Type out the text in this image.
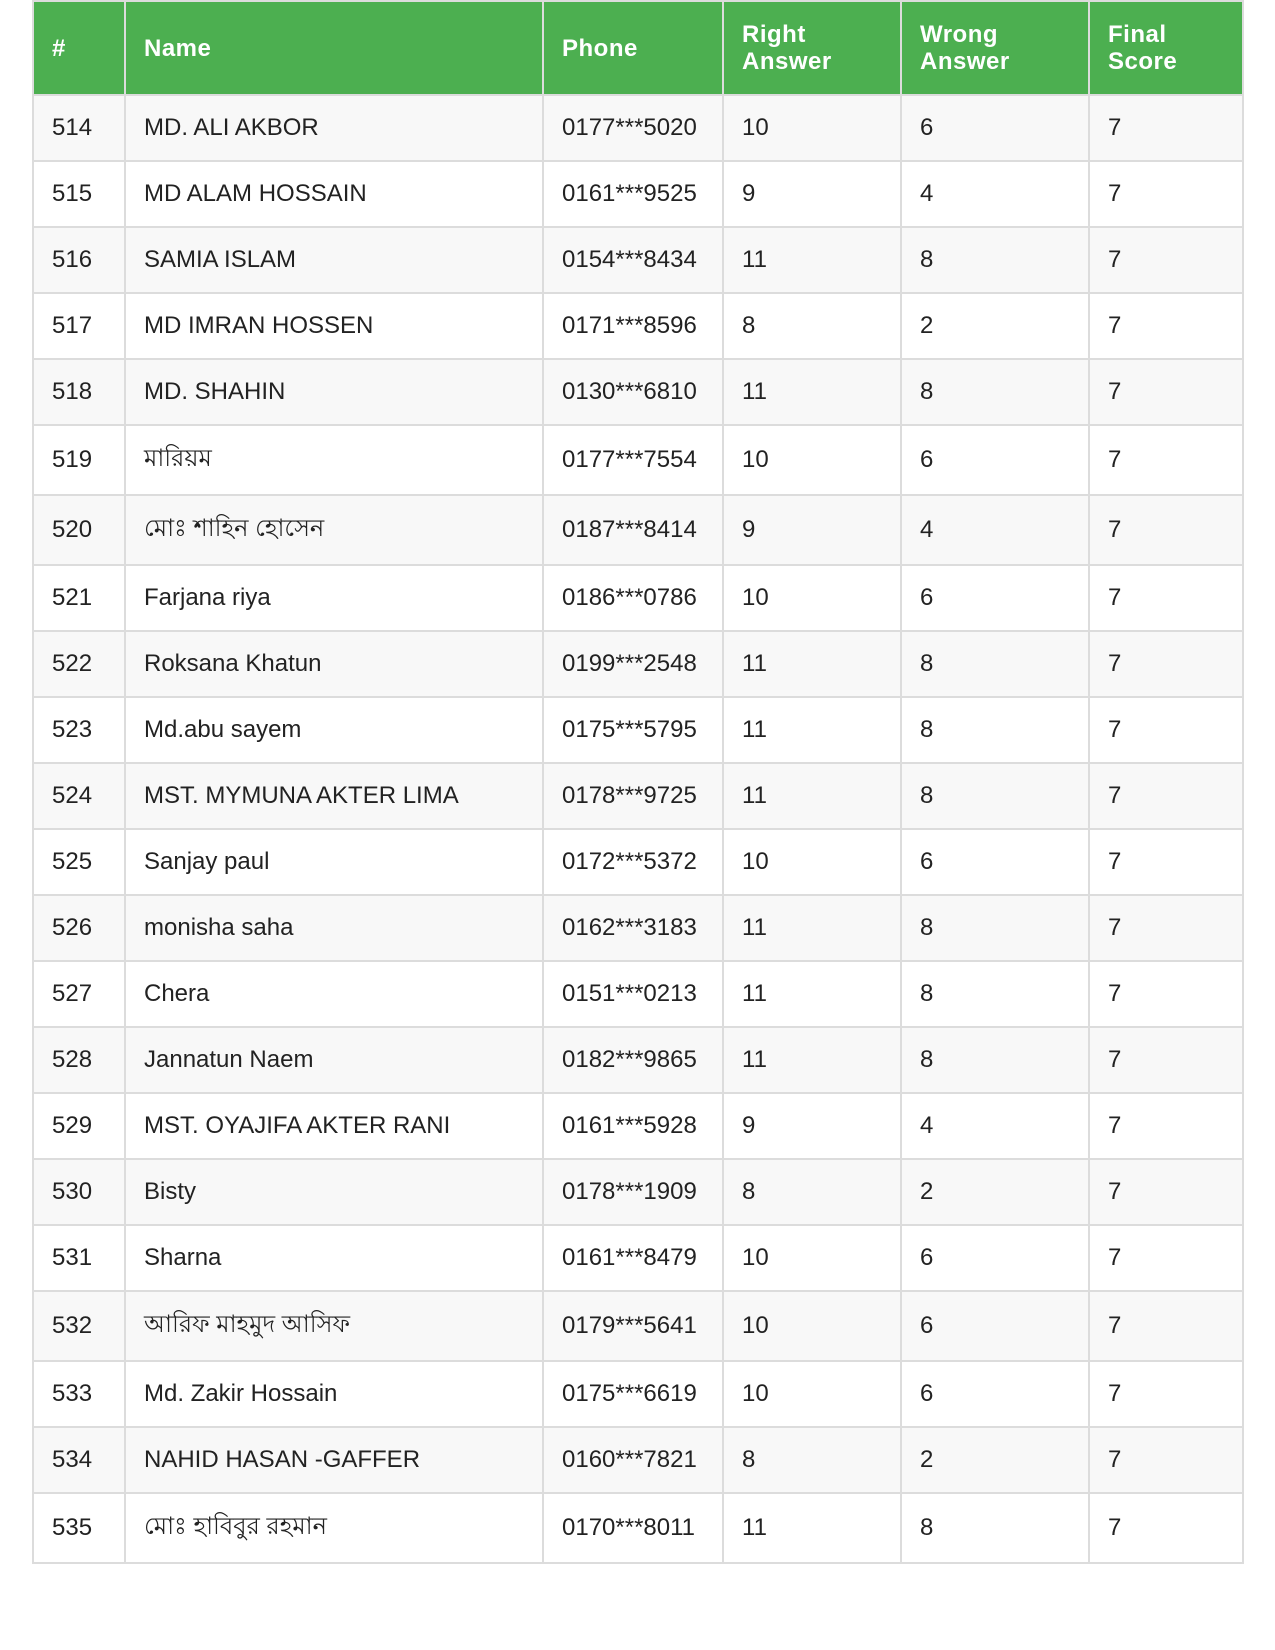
#	Name	Phone	Right Answer	Wrong Answer	Final Score
514	MD. ALI AKBOR	0177***5020	10	6	7
515	MD ALAM HOSSAIN	0161***9525	9	4	7
516	SAMIA ISLAM	0154***8434	11	8	7
517	MD IMRAN HOSSEN	0171***8596	8	2	7
518	MD. SHAHIN	0130***6810	11	8	7
519	মারিয়ম	0177***7554	10	6	7
520	মোঃ শাহিন হোসেন	0187***8414	9	4	7
521	Farjana riya	0186***0786	10	6	7
522	Roksana Khatun	0199***2548	11	8	7
523	Md.abu sayem	0175***5795	11	8	7
524	MST. MYMUNA AKTER LIMA	0178***9725	11	8	7
525	Sanjay paul	0172***5372	10	6	7
526	monisha saha	0162***3183	11	8	7
527	Chera	0151***0213	11	8	7
528	Jannatun Naem	0182***9865	11	8	7
529	MST. OYAJIFA AKTER RANI	0161***5928	9	4	7
530	Bisty	0178***1909	8	2	7
531	Sharna	0161***8479	10	6	7
532	আরিফ মাহমুদ আসিফ	0179***5641	10	6	7
533	Md. Zakir Hossain	0175***6619	10	6	7
534	NAHID HASAN -GAFFER	0160***7821	8	2	7
535	মোঃ হাবিবুর রহমান	0170***8011	11	8	7
